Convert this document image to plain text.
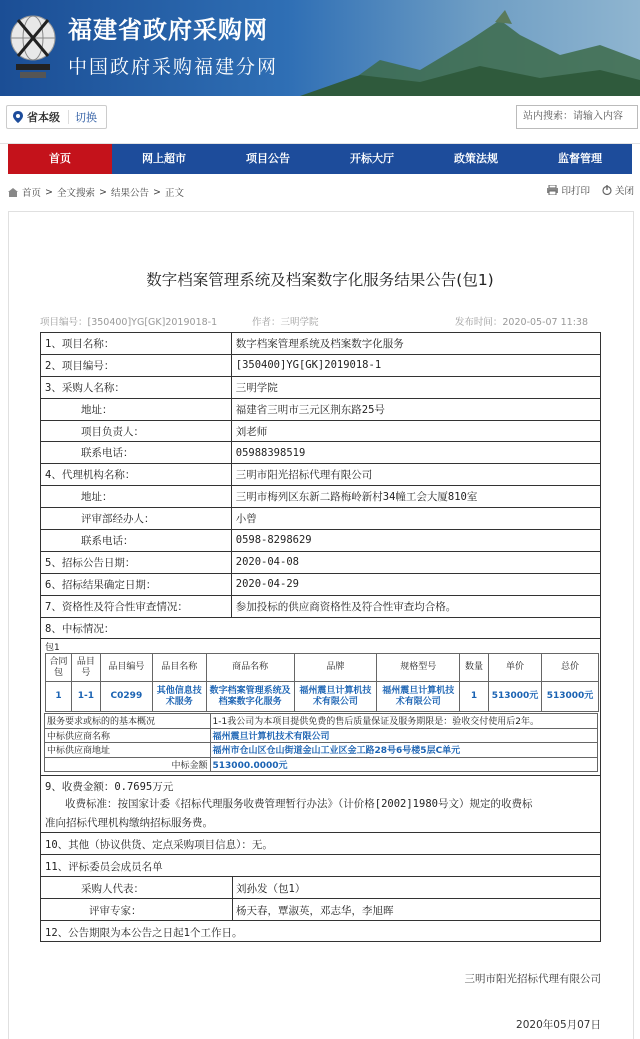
福建省政府采购网
中国政府采购福建分网
省本级 切换	站内搜索：请输入内容
首页	网上超市	项目公告	开标大厅	政策法规	监督管理
首页 > 全文搜索 > 结果公告 > 正文	印打印	关闭
数字档案管理系统及档案数字化服务结果公告(包1)
项目编号：[350400]YG[GK]2019018-1	作者：三明学院	发布时间：2020-05-07 11:38
1、项目名称：	数字档案管理系统及档案数字化服务
2、项目编号：	[350400]YG[GK]2019018-1
3、采购人名称：	三明学院
地址：	福建省三明市三元区荆东路25号
项目负责人：	刘老师
联系电话：	05988398519
4、代理机构名称：	三明市阳光招标代理有限公司
地址：	三明市梅列区东新二路梅岭新村34幢工会大厦810室
评审部经办人：	小曾
联系电话：	0598-8298629
5、招标公告日期：	2020-04-08
6、招标结果确定日期：	2020-04-29
7、资格性及符合性审查情况：	参加投标的供应商资格性及符合性审查均合格。
8、中标情况：	
包1
合同包	品目号	品目编号	品目名称	商品名称	品牌	规格型号	数量	单价	总价
1	1-1	C0299	其他信息技术服务	数字档案管理系统及档案数字化服务	福州震旦计算机技术有限公司	福州震旦计算机技术有限公司	1	513000元	513000元
服务要求或标的的基本概况	1-1我公司为本项目提供免费的售后质量保证及服务期限是：验收交付使用后2年。
中标供应商名称	福州震旦计算机技术有限公司
中标供应商地址	福州市仓山区仓山街道金山工业区金工路28号6号楼5层C单元
中标金额	513000.0000元
9、收费金额：0.7695万元
收费标准：按国家计委《招标代理服务收费管理暂行办法》（计价格[2002]1980号文）规定的收费标
准向招标代理机构缴纳招标服务费。
10、其他（协议供货、定点采购项目信息）：无。
11、评标委员会成员名单
采购人代表：	刘孙发（包1）
评审专家：	杨天春，覃淑英，邓志华，李旭晖
12、公告期限为本公告之日起1个工作日。
三明市阳光招标代理有限公司
2020年05月07日
